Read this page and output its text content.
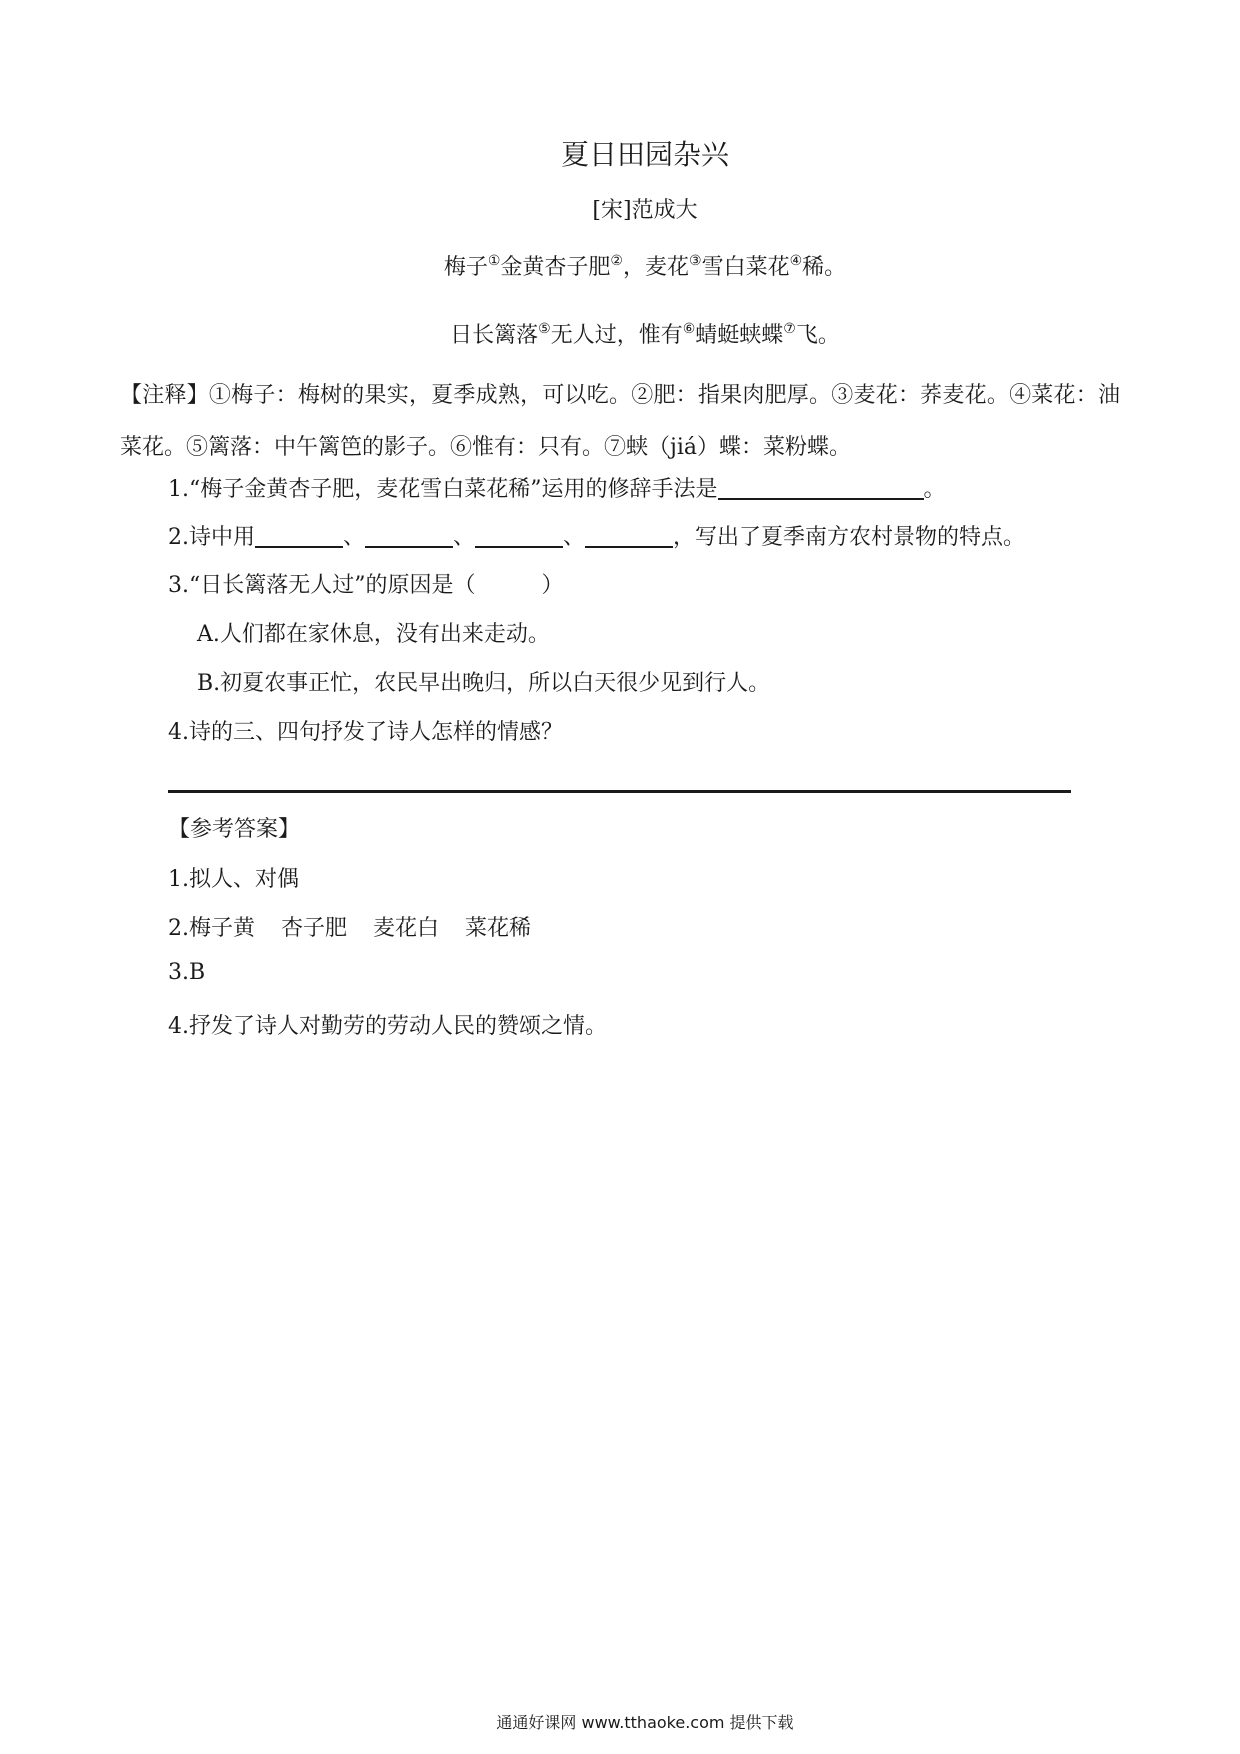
夏日田园杂兴
[宋]范成大
梅子①金黄杏子肥②，麦花③雪白菜花④稀。
日长篱落⑤无人过，惟有⑥蜻蜓蛱蝶⑦飞。
【注释】①梅子：梅树的果实，夏季成熟，可以吃。②肥：指果肉肥厚。③麦花：荞麦花。④菜花：油菜花。⑤篱落：中午篱笆的影子。⑥惟有：只有。⑦蛱（jiá）蝶：菜粉蝶。
1.“梅子金黄杏子肥，麦花雪白菜花稀”运用的修辞手法是	。
2.诗中用	、	、	、	，写出了夏季南方农村景物的特点。
3.“日长篱落无人过”的原因是（　　　）
A.人们都在家休息，没有出来走动。
B.初夏农事正忙，农民早出晚归，所以白天很少见到行人。
4.诗的三、四句抒发了诗人怎样的情感？
【参考答案】
1.拟人、对偶
2.梅子黄 杏子肥 麦花白 菜花稀
3.B
4.抒发了诗人对勤劳的劳动人民的赞颂之情。
通通好课网 www.tthaoke.com 提供下载
